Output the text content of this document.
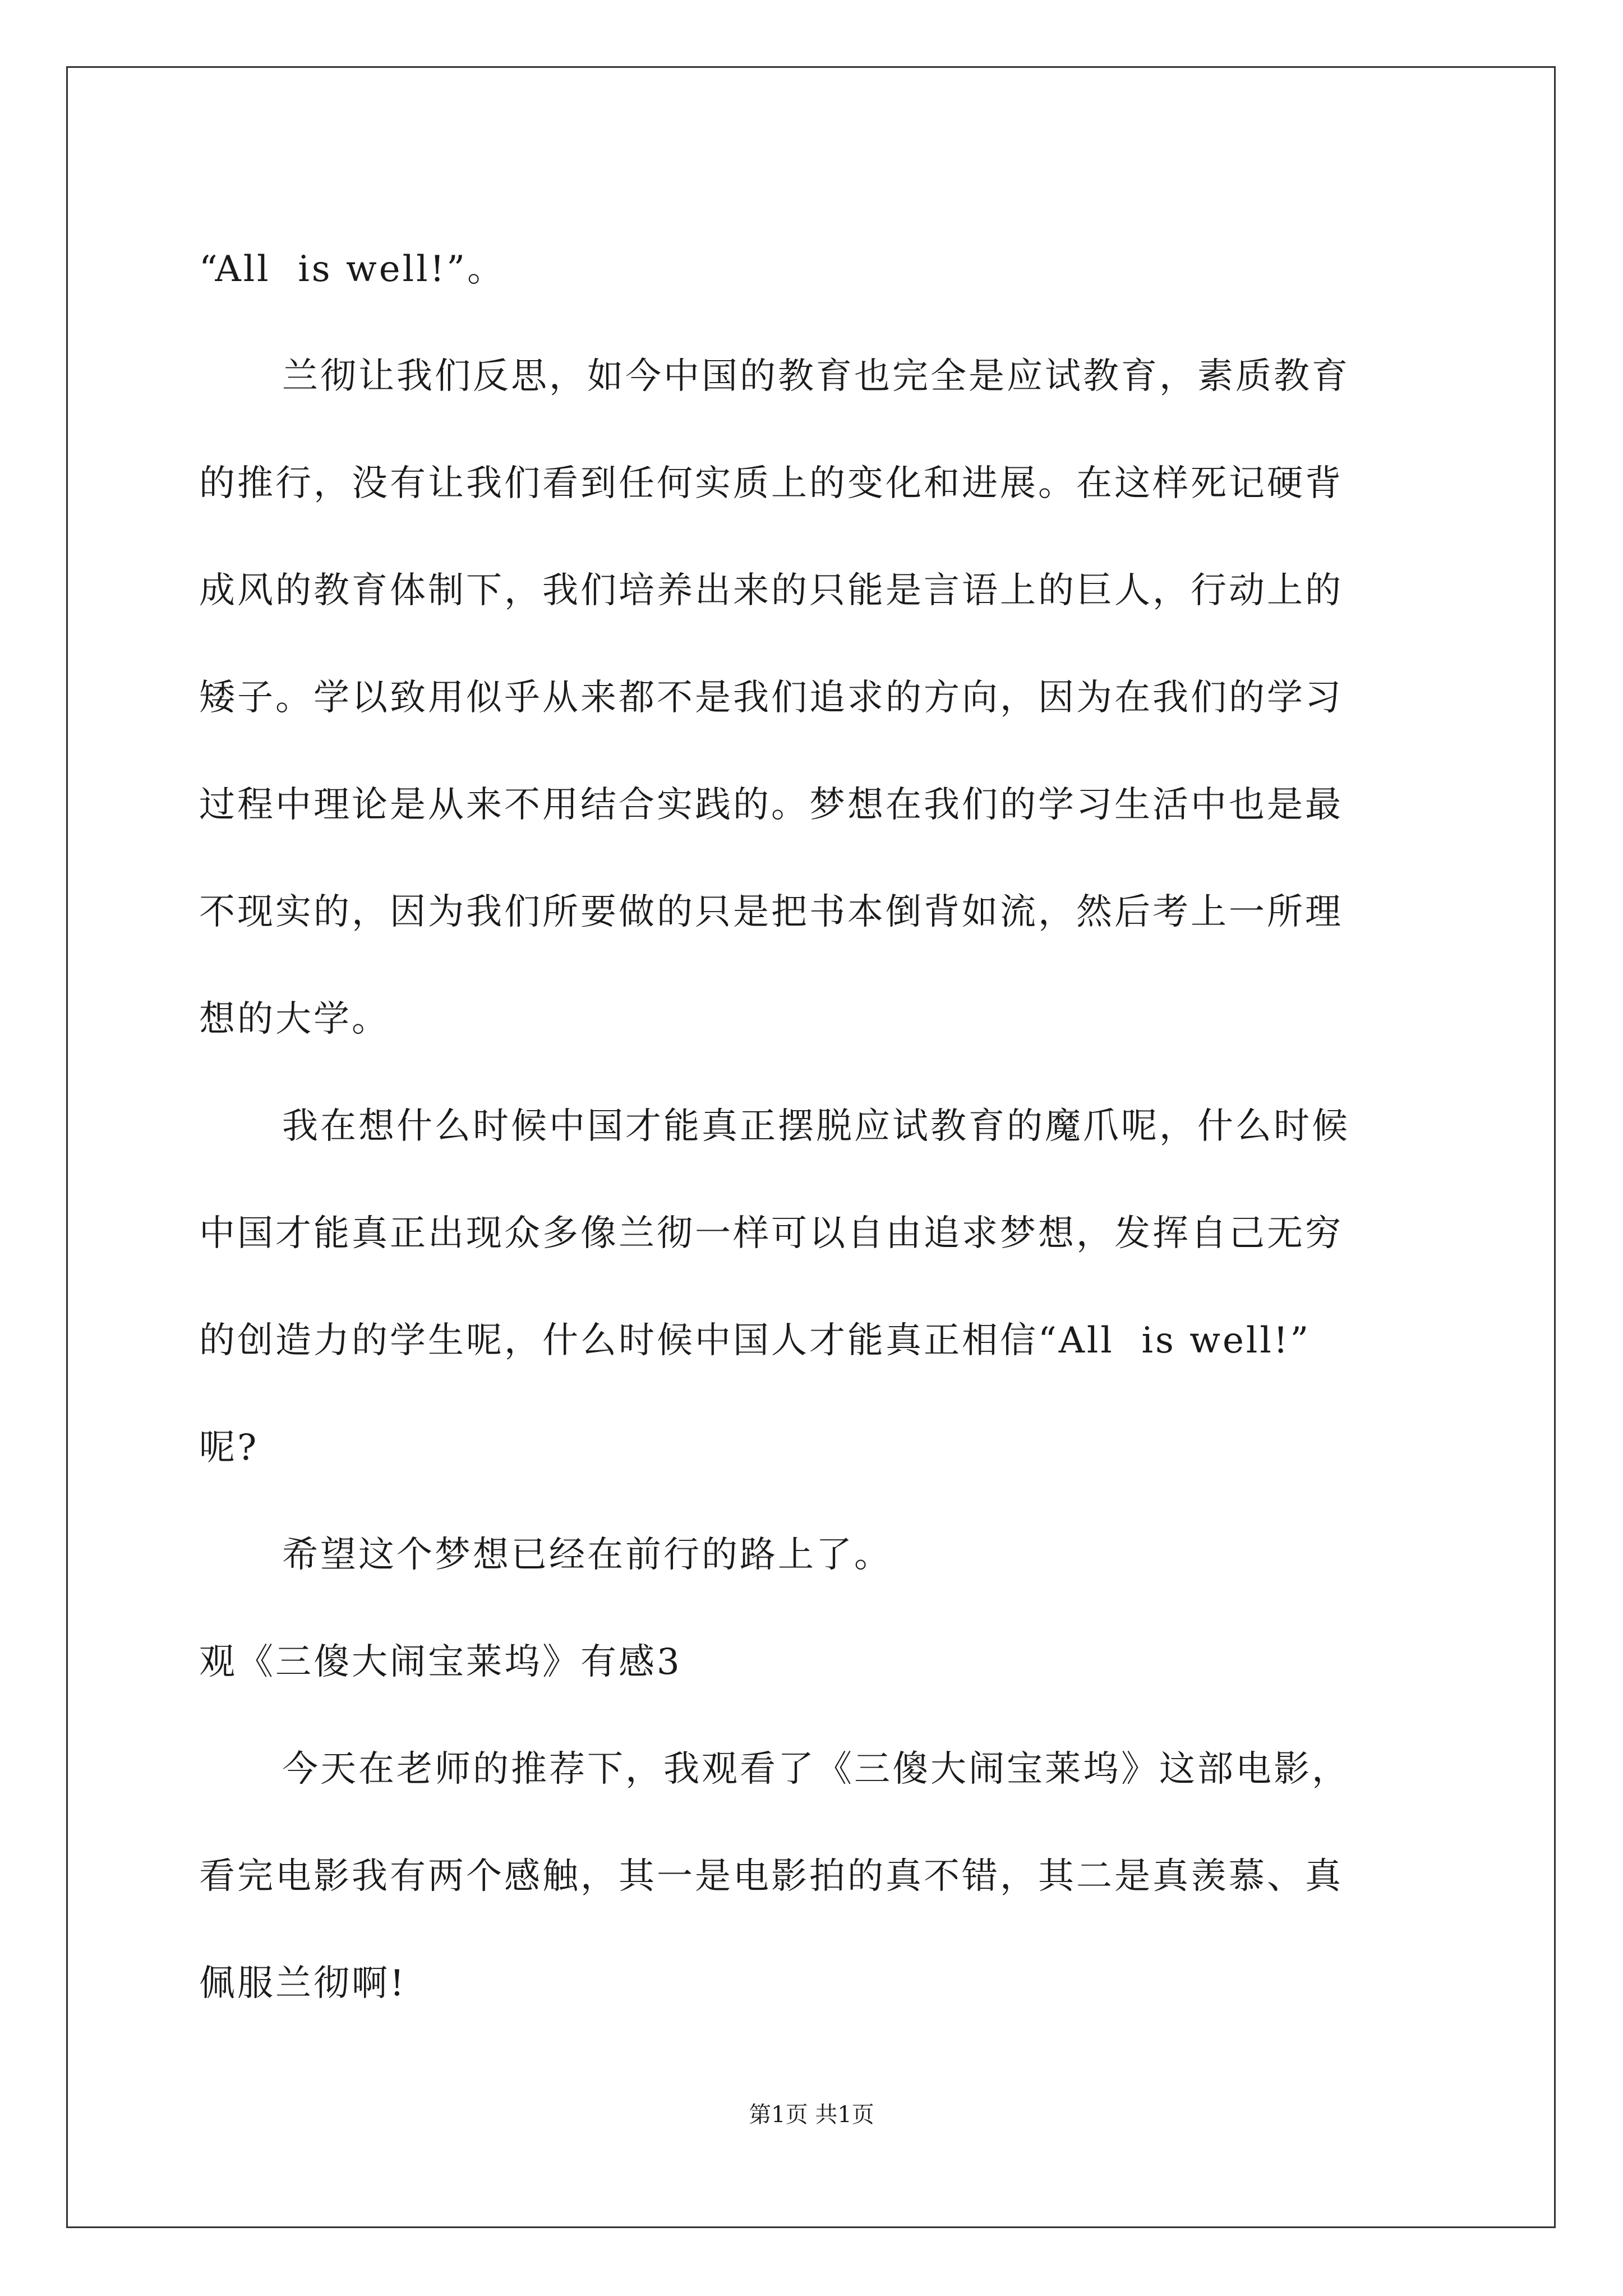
“All  is well!”。
兰彻让我们反思，如今中国的教育也完全是应试教育，素质教育
的推行，没有让我们看到任何实质上的变化和进展。在这样死记硬背
成风的教育体制下，我们培养出来的只能是言语上的巨人，行动上的
矮子。学以致用似乎从来都不是我们追求的方向，因为在我们的学习
过程中理论是从来不用结合实践的。梦想在我们的学习生活中也是最
不现实的，因为我们所要做的只是把书本倒背如流，然后考上一所理
想的大学。
我在想什么时候中国才能真正摆脱应试教育的魔爪呢，什么时候
中国才能真正出现众多像兰彻一样可以自由追求梦想，发挥自己无穷
的创造力的学生呢，什么时候中国人才能真正相信“All  is well!”
呢?
希望这个梦想已经在前行的路上了。
观《三傻大闹宝莱坞》有感3
今天在老师的推荐下，我观看了《三傻大闹宝莱坞》这部电影，
看完电影我有两个感触，其一是电影拍的真不错，其二是真羡慕、真
佩服兰彻啊!
第1页 共1页
